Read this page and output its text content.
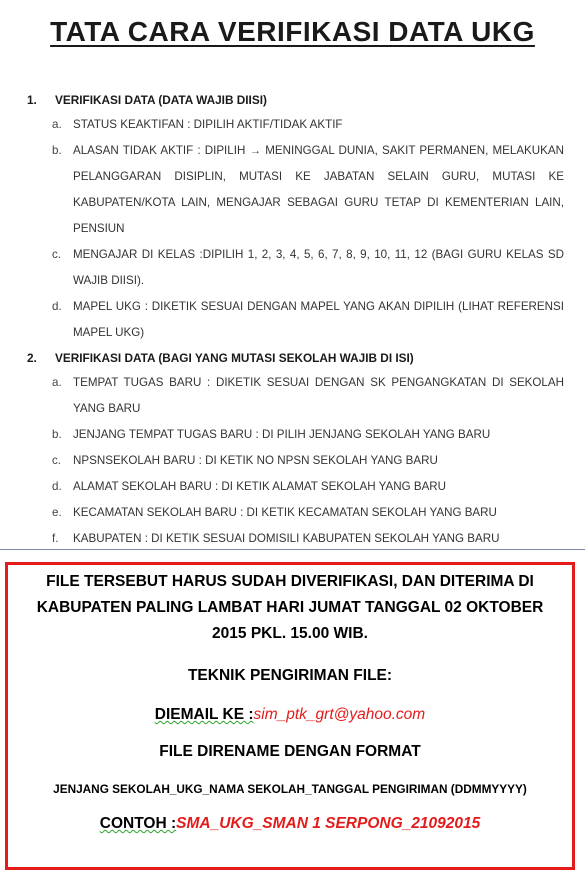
TATA CARA VERIFIKASI DATA UKG
1. VERIFIKASI DATA (DATA WAJIB DIISI)
a. STATUS KEAKTIFAN : DIPILIH AKTIF/TIDAK AKTIF
b. ALASAN TIDAK AKTIF : DIPILIH → MENINGGAL DUNIA, SAKIT PERMANEN, MELAKUKAN PELANGGARAN DISIPLIN, MUTASI KE JABATAN SELAIN GURU, MUTASI KE KABUPATEN/KOTA LAIN, MENGAJAR SEBAGAI GURU TETAP DI KEMENTERIAN LAIN, PENSIUN
c.	MENGAJAR DI KELAS :DIPILIH 1, 2, 3, 4, 5, 6, 7, 8, 9, 10, 11, 12 (BAGI GURU KELAS SD WAJIB DIISI).
d. MAPEL UKG : DIKETIK SESUAI DENGAN MAPEL YANG AKAN DIPILIH (LIHAT REFERENSI MAPEL UKG)
2. VERIFIKASI DATA (BAGI YANG MUTASI SEKOLAH WAJIB DI ISI)
a. TEMPAT TUGAS BARU : DIKETIK SESUAI DENGAN SK PENGANGKATAN DI SEKOLAH YANG BARU
b. JENJANG TEMPAT TUGAS BARU : DI PILIH JENJANG SEKOLAH YANG BARU
c.	NPSNSEKOLAH BARU : DI KETIK NO NPSN SEKOLAH YANG BARU
d. ALAMAT SEKOLAH BARU : DI KETIK ALAMAT SEKOLAH YANG BARU
e. KECAMATAN SEKOLAH BARU : DI KETIK KECAMATAN SEKOLAH YANG BARU
f.	KABUPATEN : DI KETIK SESUAI DOMISILI KABUPATEN SEKOLAH YANG BARU
FILE TERSEBUT HARUS SUDAH DIVERIFIKASI, DAN DITERIMA DI
KABUPATEN PALING LAMBAT HARI JUMAT TANGGAL 02 OKTOBER
2015 PKL. 15.00 WIB.
TEKNIK PENGIRIMAN FILE:
DIEMAIL KE :sim_ptk_grt@yahoo.com
FILE DIRENAME DENGAN FORMAT
JENJANG SEKOLAH_UKG_NAMA SEKOLAH_TANGGAL PENGIRIMAN (DDMMYYYY)
CONTOH :SMA_UKG_SMAN 1 SERPONG_21092015
